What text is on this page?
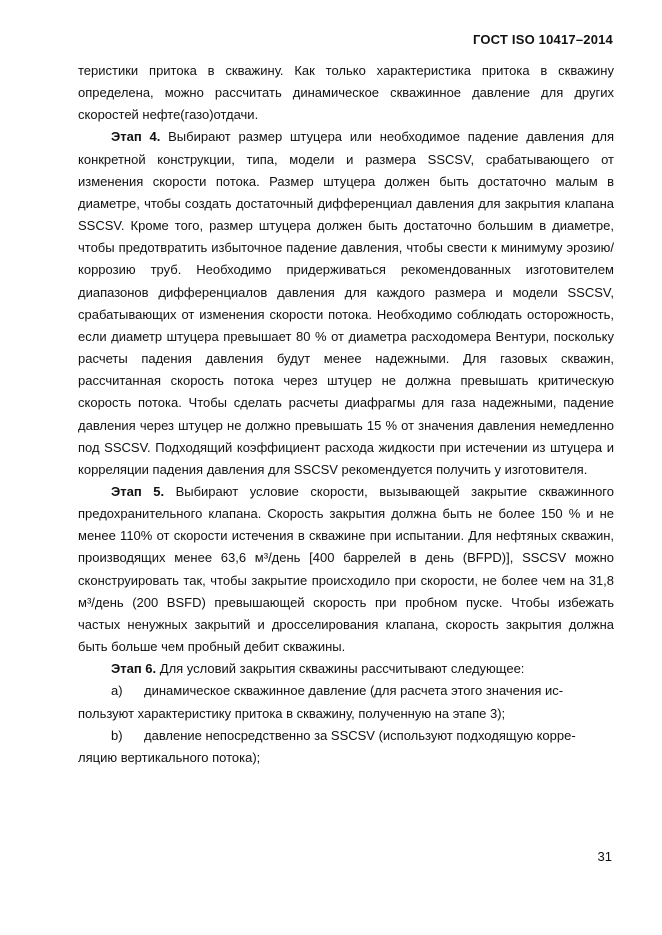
ГОСТ ISO 10417–2014

теристики притока в скважину. Как только характеристика притока в скважину определена, можно рассчитать динамическое скважинное давление для других скоростей нефте(газо)отдачи.

Этап 4. Выбирают размер штуцера или необходимое падение давления для конкретной конструкции, типа, модели и размера SSCSV, срабатывающего от изменения скорости потока. Размер штуцера должен быть достаточно малым в диаметре, чтобы создать достаточный дифференциал давления для закрытия клапана SSCSV. Кроме того, размер штуцера должен быть достаточно большим в диаметре, чтобы предотвратить избыточное падение давления, чтобы свести к минимуму эрозию/коррозию труб. Необходимо придерживаться рекомендованных изготовителем диапазонов дифференциалов давления для каждого размера и модели SSCSV, срабатывающих от изменения скорости потока. Необходимо соблюдать осторожность, если диаметр штуцера превышает 80 % от диаметра расходомера Вентури, поскольку расчеты падения давления будут менее надежными. Для газовых скважин, рассчитанная скорость потока через штуцер не должна превышать критическую скорость потока. Чтобы сделать расчеты диафрагмы для газа надежными, падение давления через штуцер не должно превышать 15 % от значения давления немедленно под SSCSV. Подходящий коэффициент расхода жидкости при истечении из штуцера и корреляции падения давления для SSCSV рекомендуется получить у изготовителя.

Этап 5. Выбирают условие скорости, вызывающей закрытие скважинного предохранительного клапана. Скорость закрытия должна быть не более 150 % и не менее 110% от скорости истечения в скважине при испытании. Для нефтяных скважин, производящих менее 63,6 м³/день [400 баррелей в день (BFPD)], SSCSV можно сконструировать так, чтобы закрытие происходило при скорости, не более чем на 31,8 м³/день (200 BSFD) превышающей скорость при пробном пуске. Чтобы избежать частых ненужных закрытий и дросселирования клапана, скорость закрытия должна быть больше чем пробный дебит скважины.

Этап 6. Для условий закрытия скважины рассчитывают следующее:

a)	динамическое скважинное давление (для расчета этого значения ис-
пользуют характеристику притока в скважину, полученную на этапе 3);
b)	давление непосредственно за SSCSV (используют подходящую корре-
ляцию вертикального потока);
31
